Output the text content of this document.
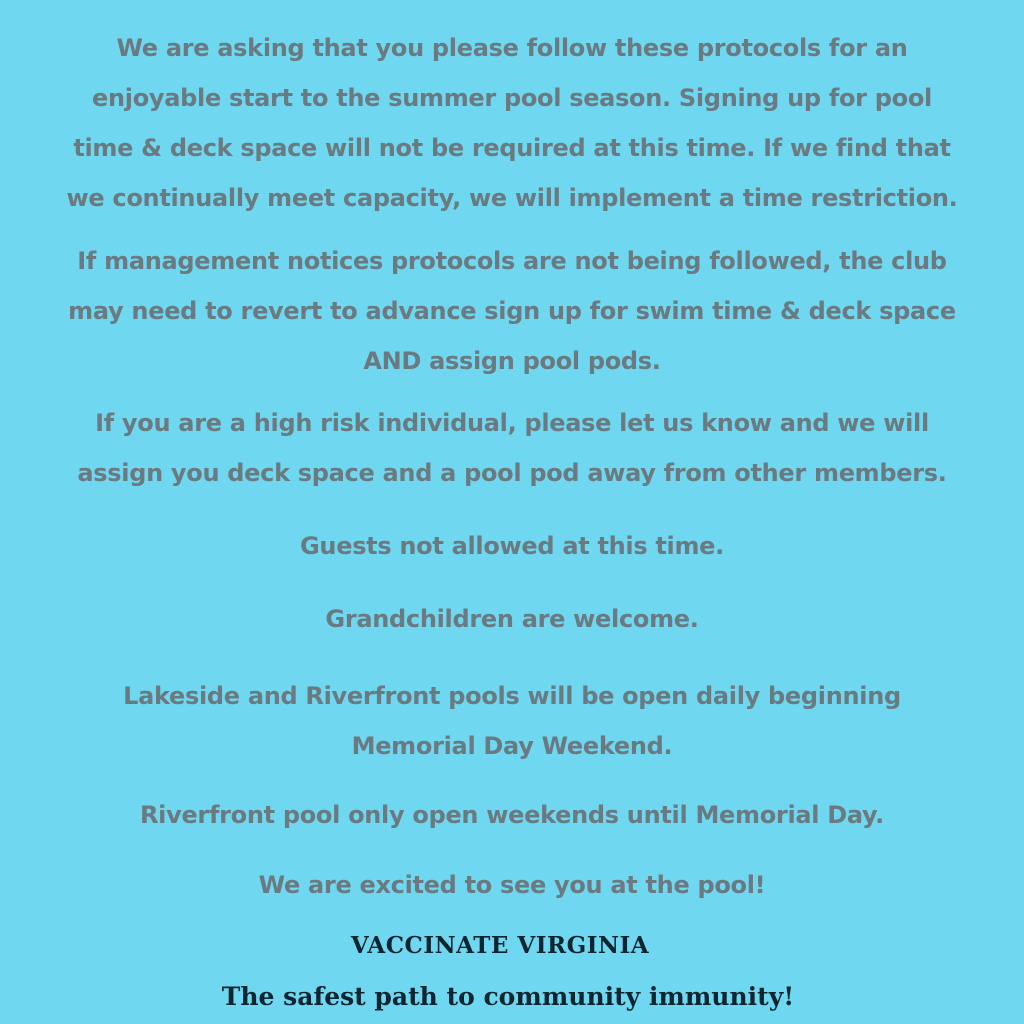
We are asking that you please follow these protocols for an
enjoyable start to the summer pool season. Signing up for pool
time & deck space will not be required at this time. If we find that
we continually meet capacity, we will implement a time restriction.

If management notices protocols are not being followed, the club
may need to revert to advance sign up for swim time & deck space
AND assign pool pods.

If you are a high risk individual, please let us know and we will
assign you deck space and a pool pod away from other members.

Guests not allowed at this time.

Grandchildren are welcome.

Lakeside and Riverfront pools will be open daily beginning
Memorial Day Weekend.

Riverfront pool only open weekends until Memorial Day.

We are excited to see you at the pool!

VACCINATE VIRGINIA
The safest path to community immunity!
